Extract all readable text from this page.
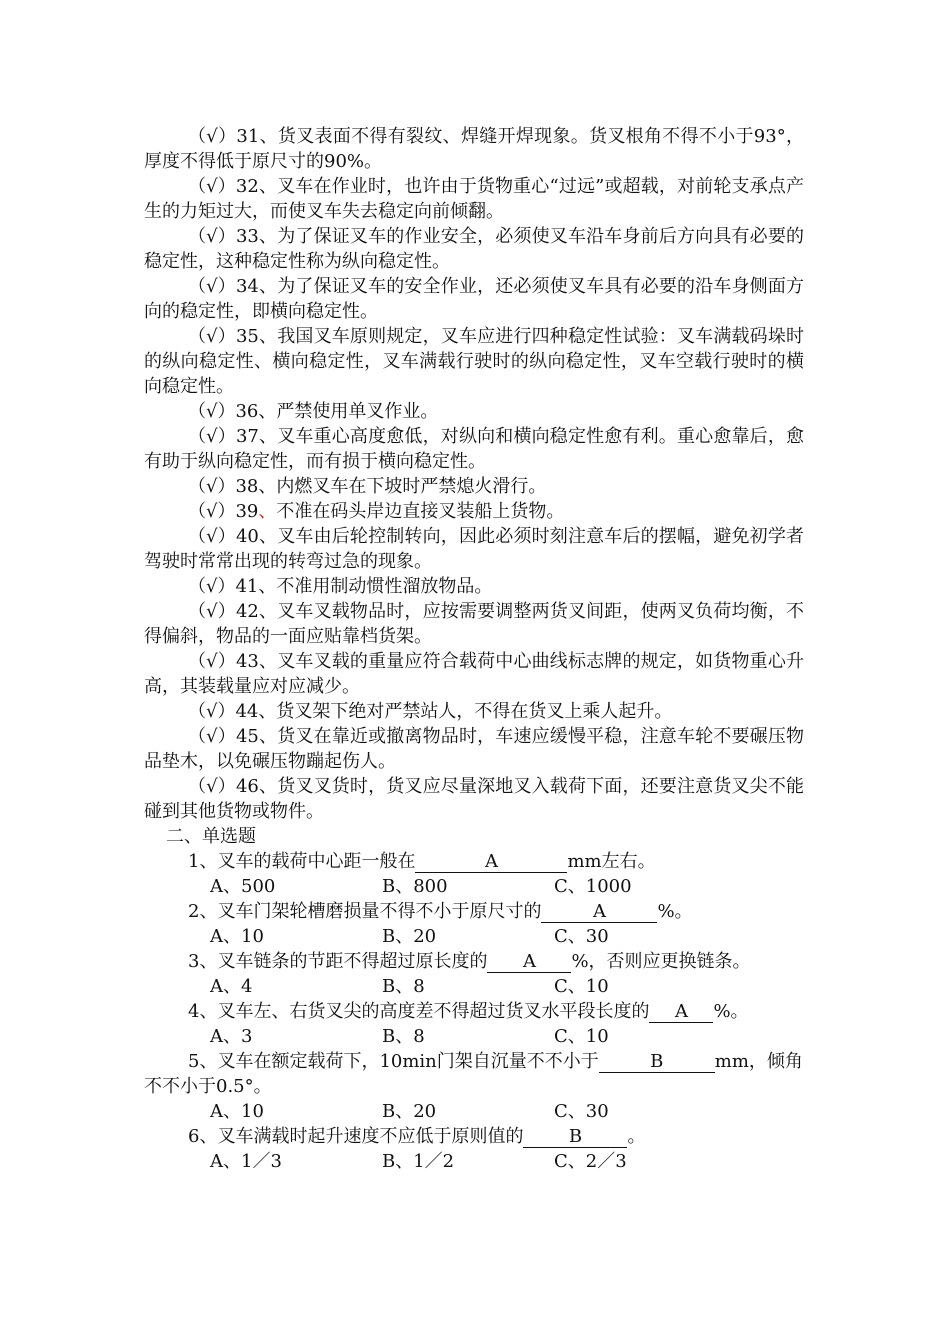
（√）31、货叉表面不得有裂纹、焊缝开焊现象。货叉根角不得不小于93°，厚度不得低于原尺寸的90%。

（√）32、叉车在作业时，也许由于货物重心“过远”或超载，对前轮支承点产生的力矩过大，而使叉车失去稳定向前倾翻。

（√）33、为了保证叉车的作业安全，必须使叉车沿车身前后方向具有必要的稳定性，这种稳定性称为纵向稳定性。

（√）34、为了保证叉车的安全作业，还必须使叉车具有必要的沿车身侧面方向的稳定性，即横向稳定性。

（√）35、我国叉车原则规定，叉车应进行四种稳定性试验：叉车满载码垛时的纵向稳定性、横向稳定性，叉车满载行驶时的纵向稳定性，叉车空载行驶时的横向稳定性。

（√）36、严禁使用单叉作业。

（√）37、叉车重心高度愈低，对纵向和横向稳定性愈有利。重心愈靠后，愈有助于纵向稳定性，而有损于横向稳定性。

（√）38、内燃叉车在下坡时严禁熄火滑行。

（√）39、不准在码头岸边直接叉装船上货物。

（√）40、叉车由后轮控制转向，因此必须时刻注意车后的摆幅，避免初学者驾驶时常常出现的转弯过急的现象。

（√）41、不准用制动惯性溜放物品。

（√）42、叉车叉载物品时，应按需要调整两货叉间距，使两叉负荷均衡，不得偏斜，物品的一面应贴靠档货架。

（√）43、叉车叉载的重量应符合载荷中心曲线标志牌的规定，如货物重心升高，其装载量应对应减少。

（√）44、货叉架下绝对严禁站人，不得在货叉上乘人起升。

（√）45、货叉在靠近或撤离物品时，车速应缓慢平稳，注意车轮不要碾压物品垫木，以免碾压物蹦起伤人。

（√）46、货叉叉货时，货叉应尽量深地叉入载荷下面，还要注意货叉尖不能碰到其他货物或物件。

二、单选题

1、叉车的载荷中心距一般在	A	mm左右。

A、500	B、800	C、1000

2、叉车门架轮槽磨损量不得不小于原尺寸的	A	%。

A、10	B、20	C、30

3、叉车链条的节距不得超过原长度的 A %，否则应更换链条。

A、4	B、8	C、10

4、叉车左、右货叉尖的高度差不得超过货叉水平段长度的 A %。

A、3	B、8	C、10

5、叉车在额定载荷下，10min门架自沉量不不小于	B	mm，倾角不不小于0.5°。

A、10	B、20	C、30

6、叉车满载时起升速度不应低于原则值的	B	。

A、1／3	B、1／2	C、2／3
